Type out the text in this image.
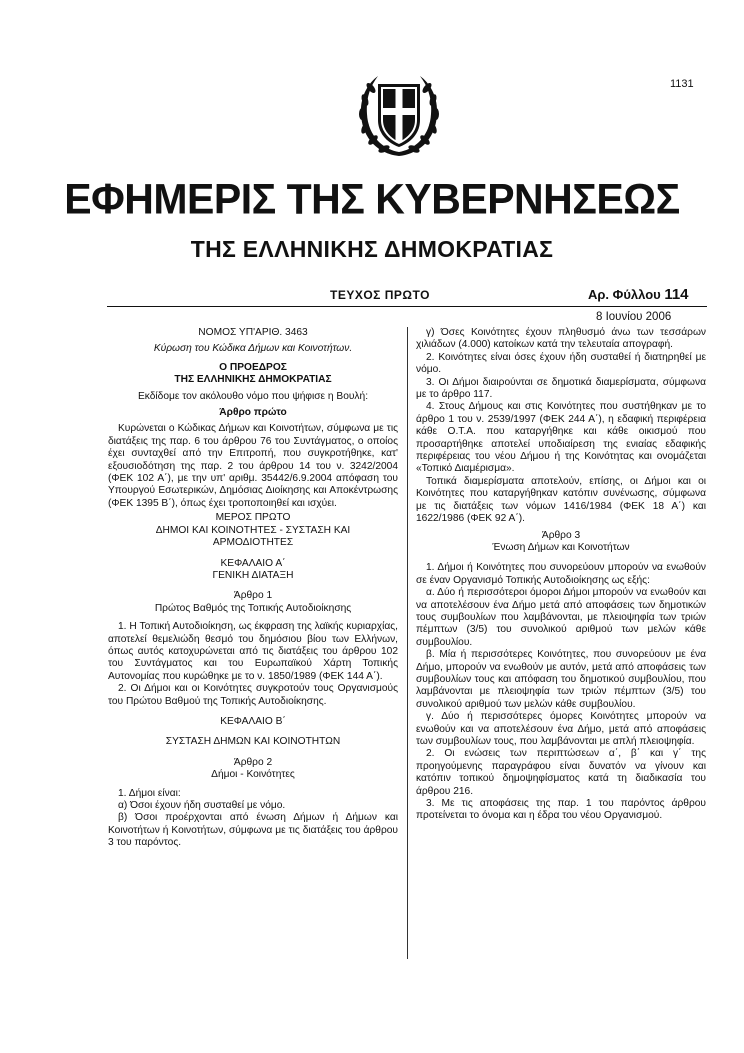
1131
ΕΦΗΜΕΡΙΣ ΤΗΣ ΚΥΒΕΡΝΗΣΕΩΣ
ΤΗΣ ΕΛΛΗΝΙΚΗΣ ΔΗΜΟΚΡΑΤΙΑΣ
ΤΕΥΧΟΣ ΠΡΩΤΟ	Αρ. Φύλλου 114
8 Ιουνίου 2006

ΝΟΜΟΣ ΥΠ'ΑΡΙΘ. 3463

Κύρωση του Κώδικα Δήμων και Κοινοτήτων.

Ο ΠΡΟΕΔΡΟΣ

ΤΗΣ ΕΛΛΗΝΙΚΗΣ ΔΗΜΟΚΡΑΤΙΑΣ

Εκδίδομε τον ακόλουθο νόμο που ψήφισε η Βουλή:

Άρθρο πρώτο

Κυρώνεται ο Κώδικας Δήμων και Κοινοτήτων, σύμφωνα με τις διατάξεις της παρ. 6 του άρθρου 76 του Συντάγματος, ο οποίος έχει συνταχθεί από την Επιτροπή, που συγκροτήθηκε, κατ' εξουσιοδότηση της παρ. 2 του άρθρου 14 του ν. 3242/2004 (ΦΕΚ 102 Α΄), με την υπ' αριθμ. 35442/6.9.2004 απόφαση του Υπουργού Εσωτερικών, Δημόσιας Διοίκησης και Αποκέντρωσης (ΦΕΚ 1395 Β΄), όπως έχει τροποποιηθεί και ισχύει.

ΜΕΡΟΣ ΠΡΩΤΟ

ΔΗΜΟΙ ΚΑΙ ΚΟΙΝΟΤΗΤΕΣ - ΣΥΣΤΑΣΗ ΚΑΙ ΑΡΜΟΔΙΟΤΗΤΕΣ

ΚΕΦΑΛΑΙΟ Α΄

ΓΕΝΙΚΗ ΔΙΑΤΑΞΗ

Άρθρο 1

Πρώτος Βαθμός της Τοπικής Αυτοδιοίκησης

1. Η Τοπική Αυτοδιοίκηση, ως έκφραση της λαϊκής κυριαρχίας, αποτελεί θεμελιώδη θεσμό του δημόσιου βίου των Ελλήνων, όπως αυτός κατοχυρώνεται από τις διατάξεις του άρθρου 102 του Συντάγματος και του Ευρωπαϊκού Χάρτη Τοπικής Αυτονομίας που κυρώθηκε με το ν. 1850/1989 (ΦΕΚ 144 Α΄).

2. Οι Δήμοι και οι Κοινότητες συγκροτούν τους Οργανισμούς του Πρώτου Βαθμού της Τοπικής Αυτοδιοίκησης.

ΚΕΦΑΛΑΙΟ Β΄

ΣΥΣΤΑΣΗ ΔΗΜΩΝ ΚΑΙ ΚΟΙΝΟΤΗΤΩΝ

Άρθρο 2

Δήμοι - Κοινότητες

1. Δήμοι είναι:

α) Όσοι έχουν ήδη συσταθεί με νόμο.

β) Όσοι προέρχονται από ένωση Δήμων ή Δήμων και Κοινοτήτων ή Κοινοτήτων, σύμφωνα με τις διατάξεις του άρθρου 3 του παρόντος.

γ) Όσες Κοινότητες έχουν πληθυσμό άνω των τεσσάρων χιλιάδων (4.000) κατοίκων κατά την τελευταία απογραφή.

2. Κοινότητες είναι όσες έχουν ήδη συσταθεί ή διατηρηθεί με νόμο.

3. Οι Δήμοι διαιρούνται σε δημοτικά διαμερίσματα, σύμφωνα με το άρθρο 117.

4. Στους Δήμους και στις Κοινότητες που συστήθηκαν με το άρθρο 1 του ν. 2539/1997 (ΦΕΚ 244 Α΄), η εδαφική περιφέρεια κάθε Ο.Τ.Α. που καταργήθηκε και κάθε οικισμού που προσαρτήθηκε αποτελεί υποδιαίρεση της ενιαίας εδαφικής περιφέρειας του νέου Δήμου ή της Κοινότητας και ονομάζεται «Τοπικό Διαμέρισμα».

Τοπικά διαμερίσματα αποτελούν, επίσης, οι Δήμοι και οι Κοινότητες που καταργήθηκαν κατόπιν συνένωσης, σύμφωνα με τις διατάξεις των νόμων 1416/1984 (ΦΕΚ 18 Α΄) και 1622/1986 (ΦΕΚ 92 Α΄).

Άρθρο 3

Ένωση Δήμων και Κοινοτήτων

1. Δήμοι ή Κοινότητες που συνορεύουν μπορούν να ενωθούν σε έναν Οργανισμό Τοπικής Αυτοδιοίκησης ως εξής:

α. Δύο ή περισσότεροι όμοροι Δήμοι μπορούν να ενωθούν και να αποτελέσουν ένα Δήμο μετά από αποφάσεις των δημοτικών τους συμβουλίων που λαμβάνονται, με πλειοψηφία των τριών πέμπτων (3/5) του συνολικού αριθμού των μελών κάθε συμβουλίου.

β. Μία ή περισσότερες Κοινότητες, που συνορεύουν με ένα Δήμο, μπορούν να ενωθούν με αυτόν, μετά από αποφάσεις των συμβουλίων τους και απόφαση του δημοτικού συμβουλίου, που λαμβάνονται με πλειοψηφία των τριών πέμπτων (3/5) του συνολικού αριθμού των μελών κάθε συμβουλίου.

γ. Δύο ή περισσότερες όμορες Κοινότητες μπορούν να ενωθούν και να αποτελέσουν ένα Δήμο, μετά από αποφάσεις των συμβουλίων τους, που λαμβάνονται με απλή πλειοψηφία.

2. Οι ενώσεις των περιπτώσεων α΄, β΄ και γ΄ της προηγούμενης παραγράφου είναι δυνατόν να γίνουν και κατόπιν τοπικού δημοψηφίσματος κατά τη διαδικασία του άρθρου 216.

3. Με τις αποφάσεις της παρ. 1 του παρόντος άρθρου προτείνεται το όνομα και η έδρα του νέου Οργανισμού.
